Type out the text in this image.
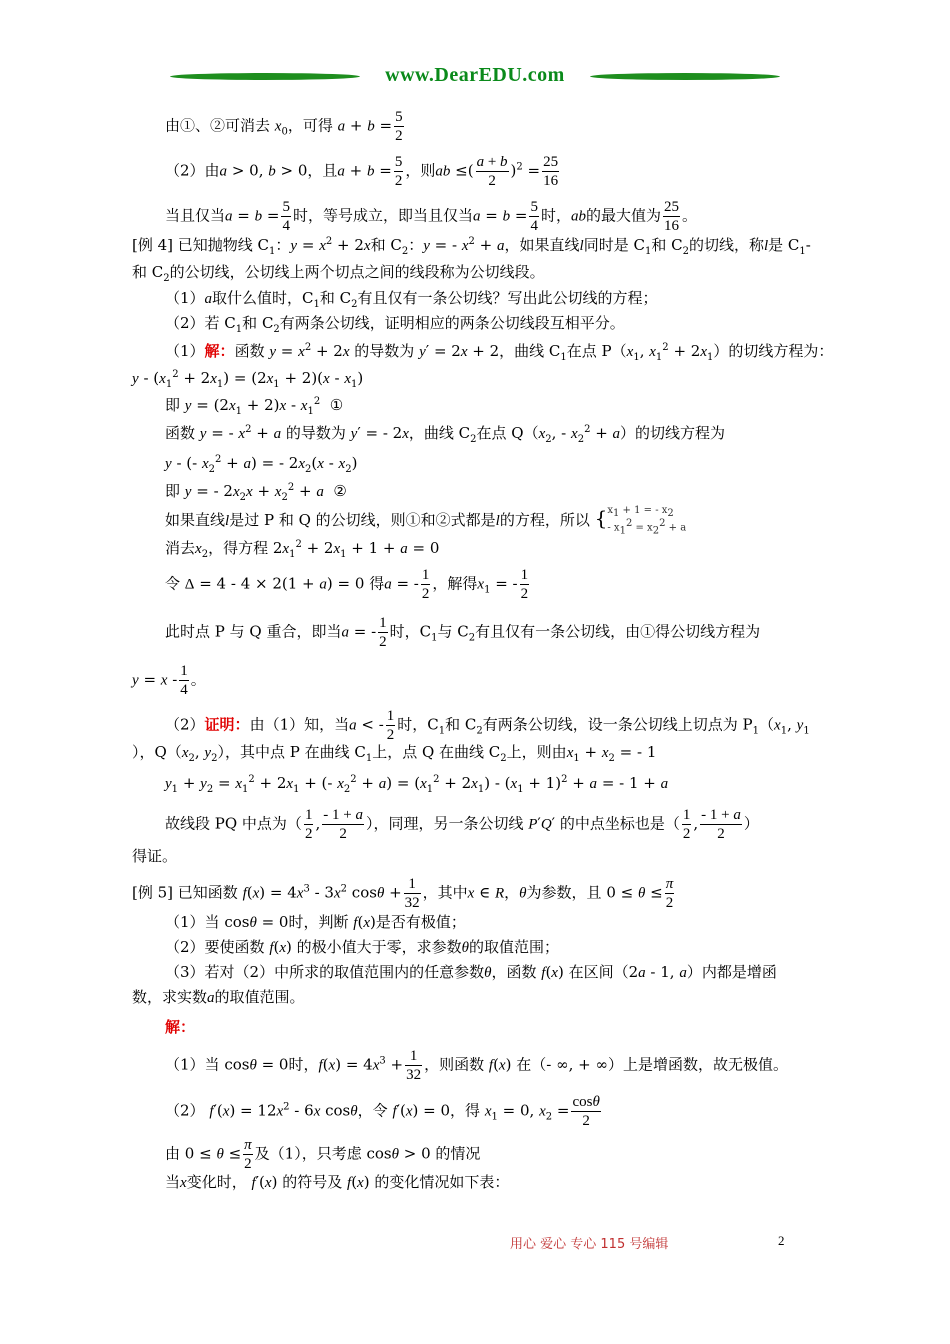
www.DearEDU.com
由①、②可消去 $x_0$，可得 $a + b = \frac{5}{2}$
（2）由a > 0, b > 0，且$a + b = \frac{5}{2}$ ，则ab ≤( $\frac{a + b}{2} )^2 = \frac{25}{16}$
当且仅当$a = b = \frac{5}{4}$ 时，等号成立，即当且仅当$a = b = \frac{5}{4}$ 时，ab的最大值为 $\frac{25}{16}$ 。
[例 4] 已知抛物线 $C_1$：$y = x^2 + 2x$和 $C_2$：y = - $x^2 + a$，如果直线l同时是 $C_1$和 $C_2$的切线，称l是 $C_1-$
和 $C_2$的公切线，公切线上两个切点之间的线段称为公切线段。
（1）a取什么值时，$C_1$和 $C_2$有且仅有一条公切线？写出此公切线的方程；
（2）若 $C_1$和 $C_2$有两条公切线，证明相应的两条公切线段互相平分。
（1）解：函数 $y = x^2 + 2x$ 的导数为 y′ = 2x + 2，曲线 $C_1$在点 $P(x_1$, $x_1^2 + 2x_1$）的切线方程为：
$y - (x_1^2 + 2x_1) = (2x_1 + 2)(x - x_1)$
即 $y = (2x_1 + 2)x - x_1^2$ ①
函数 y = - $x^2 + a$ 的导数为 y′ = - 2x，曲线 $C_2$在点 $Q(x_2$, - $x_2^2 + a$）的切线方程为
y - (- $x_2^2 + a$) = - $2x_2(x - x_2)$
即 y = - $2x_2x + x_2^2 + a$ ②
如果直线l是过 P 和 Q 的公切线，则①和②式都是l的方程，所以 {$x_1 + 1$ = - $x_2$
- $x_1^2 = x_2^2 + a$
消去$x_2$，得方程 $2x_1^2 + 2x_1 + 1 + a = 0$
令 Δ = 4 - 4 × 2(1 + a) = 0 得a = - $\frac{1}{2}$ ，解得$x_1$ = - $\frac{1}{2}$
此时点 P 与 Q 重合，即当a = - $\frac{1}{2}$ 时，$C_1$与 $C_2$有且仅有一条公切线，由①得公切线方程为
$y = x - \frac{1}{4}$ 。
（2）证明：由（1）知，当a < - $\frac{1}{2}$ 时，$C_1$和 $C_2$有两条公切线，设一条公切线上切点为 $P_1(x_1$, $y_1$
），$Q(x_2$, $y_2$），其中点 P 在曲线 $C_1$上，点 Q 在曲线 $C_2$上，则由$x_1 + x_2$ = - 1
$y_1 + y_2 = x_1^2 + 2x_1$ + (- $x_2^2 + a) = (x_1^2 + 2x_1) - (x_1 + 1)^2 + a$ = - 1 + a
故线段 PQ 中点为（ $\frac{1}{2}$ , $\frac{- 1 + a}{2}$ ），同理，另一条公切线 P′Q′ 的中点坐标也是（ $\frac{1}{2}$ , $\frac{- 1 + a}{2}$ ）
得证。
[例 5] 已知函数 $f(x) = 4x^3 - 3x^2$ $\cos\theta + \frac{1}{32}$ ，其中x ∈ R，θ为参数，且 $0 \le \theta \le \frac{\pi}{2}$
（1）当 cosθ = 0时，判断 f(x)是否有极值；
（2）要使函数 f(x) 的极小值大于零，求参数θ的取值范围；
（3）若对（2）中所求的取值范围内的任意参数θ，函数 f(x) 在区间（2a - 1, a）内都是增函
数，求实数a的取值范围。
解：
（1）当 cosθ = 0时，$f(x) = 4x^3 + \frac{1}{32}$ ，则函数 f(x) 在（- ∞, + ∞）上是增函数，故无极值。
（2） $f'(x) = 12x^2 - 6x$ cosθ，令 f′(x) = 0，得 $x_1 = 0$, $x_2 = \frac{\cos\theta}{2}$
由 $0 \le \theta \le \frac{\pi}{2}$ 及（1），只考虑 cosθ > 0 的情况
当x变化时， f′(x) 的符号及 f(x) 的变化情况如下表：
用心 爱心 专心 115 号编辑	2
